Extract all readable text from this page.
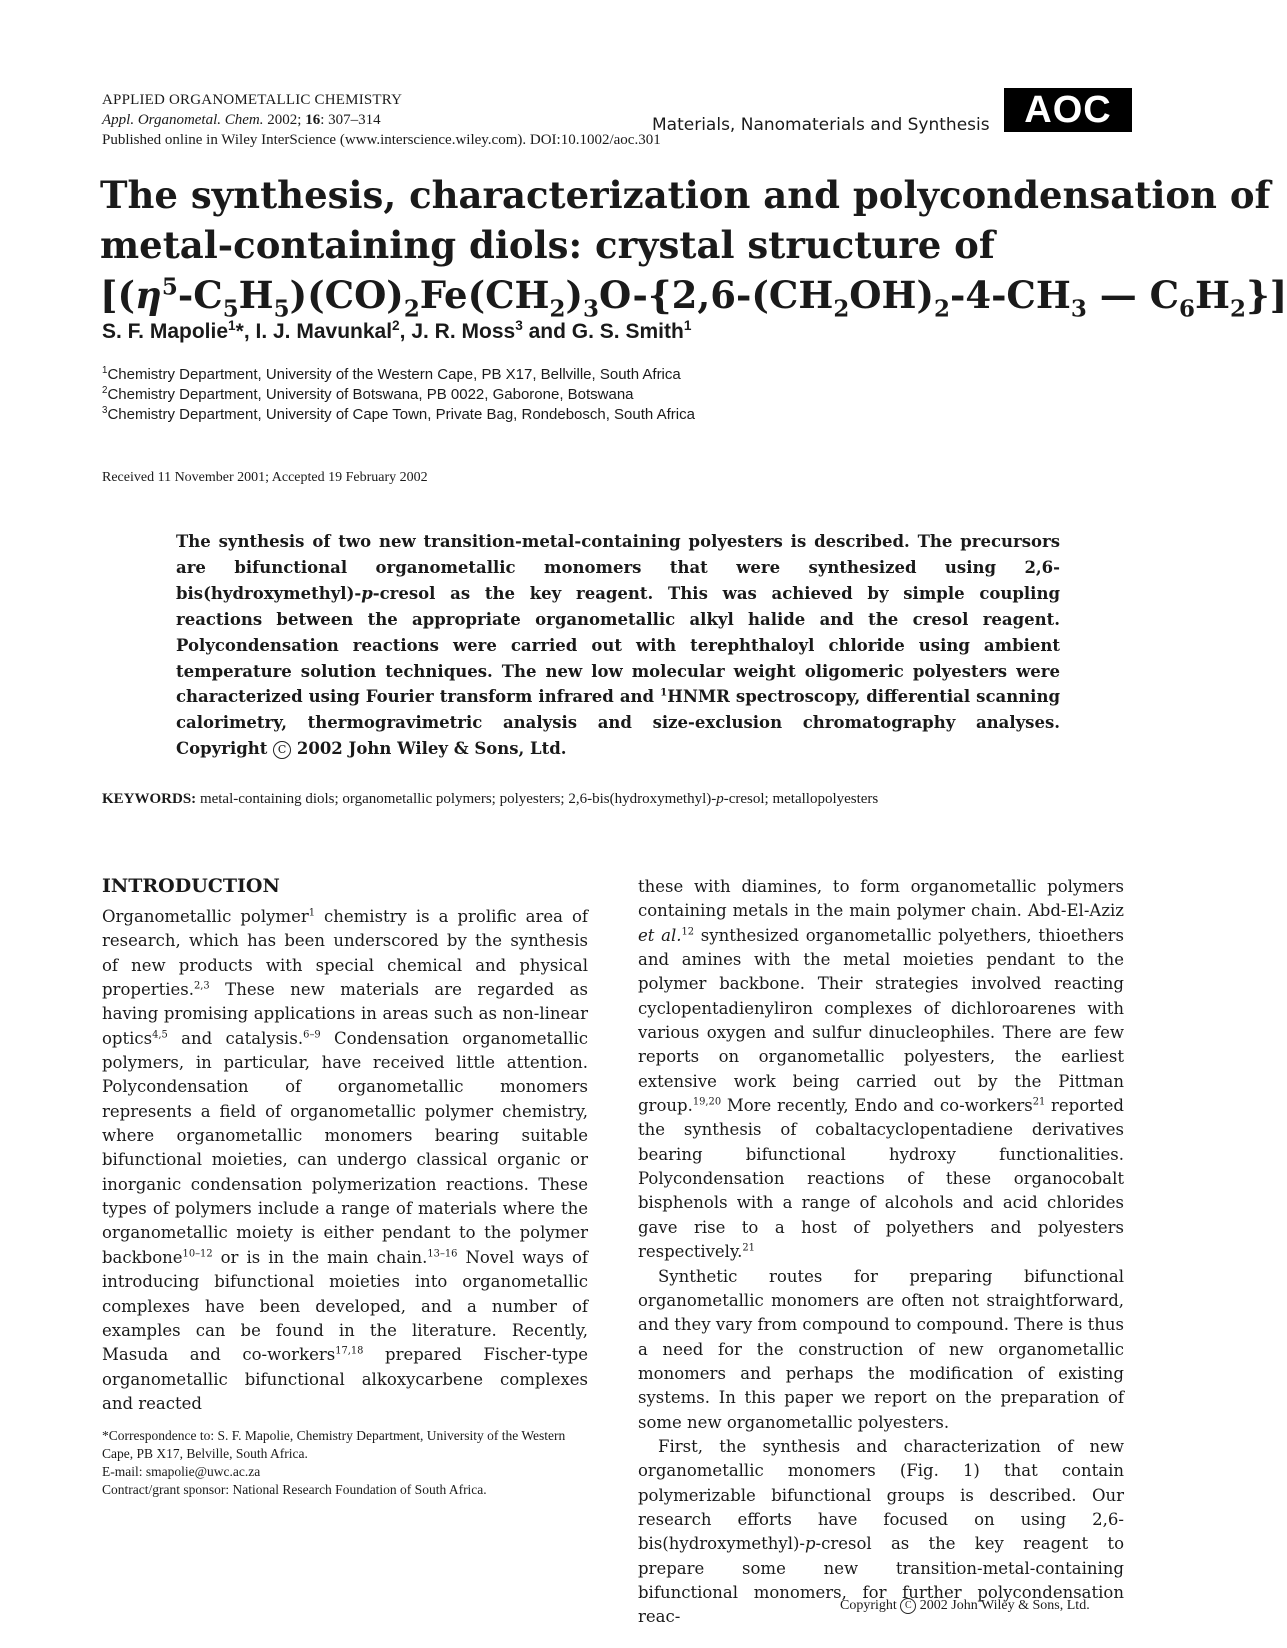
APPLIED ORGANOMETALLIC CHEMISTRY
Appl. Organometal. Chem. 2002; 16: 307–314
Published online in Wiley InterScience (www.interscience.wiley.com). DOI:10.1002/aoc.301
Materials, Nanomaterials and Synthesis AOC
The synthesis, characterization and polycondensation of
metal-containing diols: crystal structure of
[$(\eta^5-C_5H_5)(CO)_2Fe(CH_2)_3O-\{2,6-(CH_2OH)_2-4-CH_3$ — $C_6H_2$}]
S. F. Mapolie$^1$*, I. J. Mavunkal$^2$, J. R. Moss$^3$ and G. S. Smith$^1$
$^1$Chemistry Department, University of the Western Cape, PB X17, Bellville, South Africa
$^2$Chemistry Department, University of Botswana, PB 0022, Gaborone, Botswana
$^3$Chemistry Department, University of Cape Town, Private Bag, Rondebosch, South Africa
Received 11 November 2001; Accepted 19 February 2002
The synthesis of two new transition-metal-containing polyesters is described. The precursors are bifunctional organometallic monomers that were synthesized using 2,6-bis(hydroxymethyl)-p-cresol as the key reagent. This was achieved by simple coupling reactions between the appropriate organometallic alkyl halide and the cresol reagent. Polycondensation reactions were carried out with terephthaloyl chloride using ambient temperature solution techniques. The new low molecular weight oligomeric polyesters were characterized using Fourier transform infrared and $^1$HNMR spectroscopy, differential scanning calorimetry, thermogravimetric analysis and size-exclusion chromatography analyses. Copyright C 2002 John Wiley & Sons, Ltd.
KEYWORDS: metal-containing diols; organometallic polymers; polyesters; 2,6-bis(hydroxymethyl)-p-cresol; metallopolyesters
INTRODUCTION

Organometallic polymer$^1$ chemistry is a prolific area of research, which has been underscored by the synthesis of new products with special chemical and physical properties.$^{2,3}$ These new materials are regarded as having promising applications in areas such as non-linear optics$^{4,5}$ and catalysis.$^{6-9}$ Condensation organometallic polymers, in particular, have received little attention. Polycondensation of organometallic monomers represents a field of organometallic polymer chemistry, where organometallic monomers bearing suitable bifunctional moieties, can undergo classical organic or inorganic condensation polymerization reactions. These types of polymers include a range of materials where the organometallic moiety is either pendant to the polymer backbone$^{10-12}$ or is in the main chain.$^{13-16}$ Novel ways of introducing bifunctional moieties into organometallic complexes have been developed, and a number of examples can be found in the literature. Recently, Masuda and co-workers$^{17,18}$ prepared Fischer-type organometallic bifunctional alkoxycarbene complexes and reacted

these with diamines, to form organometallic polymers containing metals in the main polymer chain. Abd-El-Aziz et al.$^{12}$ synthesized organometallic polyethers, thioethers and amines with the metal moieties pendant to the polymer backbone. Their strategies involved reacting cyclopentadienyliron complexes of dichloroarenes with various oxygen and sulfur dinucleophiles. There are few reports on organometallic polyesters, the earliest extensive work being carried out by the Pittman group.$^{19,20}$ More recently, Endo and co-workers$^{21}$ reported the synthesis of cobaltacyclopentadiene derivatives bearing bifunctional hydroxy functionalities. Polycondensation reactions of these organocobalt bisphenols with a range of alcohols and acid chlorides gave rise to a host of polyethers and polyesters respectively.$^{21}$

Synthetic routes for preparing bifunctional organometallic monomers are often not straightforward, and they vary from compound to compound. There is thus a need for the construction of new organometallic monomers and perhaps the modification of existing systems. In this paper we report on the preparation of some new organometallic polyesters.

First, the synthesis and characterization of new organometallic monomers (Fig. 1) that contain polymerizable bifunctional groups is described. Our research efforts have focused on using 2,6-bis(hydroxymethyl)-p-cresol as the key reagent to prepare some new transition-metal-containing bifunctional monomers, for further polycondensation reac-

*Correspondence to: S. F. Mapolie, Chemistry Department, University of the Western Cape, PB X17, Belville, South Africa.
E-mail: smapolie@uwc.ac.za
Contract/grant sponsor: National Research Foundation of South Africa.
Copyright C 2002 John Wiley & Sons, Ltd.
